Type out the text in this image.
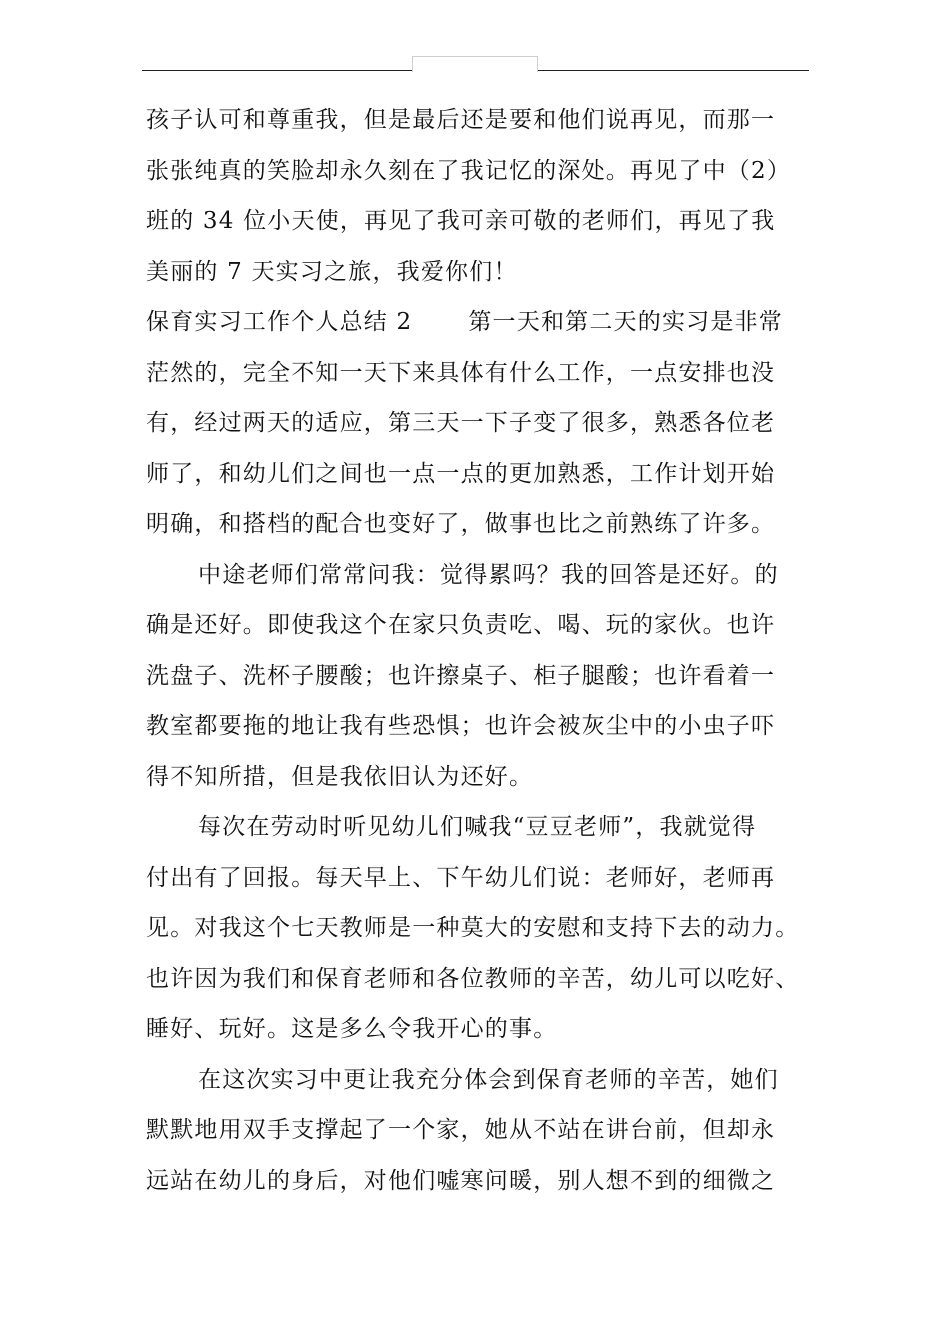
孩子认可和尊重我，但是最后还是要和他们说再见，而那一
张张纯真的笑脸却永久刻在了我记忆的深处。再见了中（2）
班的 34 位小天使，再见了我可亲可敬的老师们，再见了我
美丽的 7 天实习之旅，我爱你们！
保育实习工作个人总结 2 第一天和第二天的实习是非常
茫然的，完全不知一天下来具体有什么工作，一点安排也没
有，经过两天的适应，第三天一下子变了很多，熟悉各位老
师了，和幼儿们之间也一点一点的更加熟悉，工作计划开始
明确，和搭档的配合也变好了，做事也比之前熟练了许多。
中途老师们常常问我：觉得累吗？我的回答是还好。的
确是还好。即使我这个在家只负责吃、喝、玩的家伙。也许
洗盘子、洗杯子腰酸；也许擦桌子、柜子腿酸；也许看着一
教室都要拖的地让我有些恐惧；也许会被灰尘中的小虫子吓
得不知所措，但是我依旧认为还好。
每次在劳动时听见幼儿们喊我“豆豆老师”，我就觉得
付出有了回报。每天早上、下午幼儿们说：老师好，老师再
见。对我这个七天教师是一种莫大的安慰和支持下去的动力。
也许因为我们和保育老师和各位教师的辛苦，幼儿可以吃好、
睡好、玩好。这是多么令我开心的事。
在这次实习中更让我充分体会到保育老师的辛苦，她们
默默地用双手支撑起了一个家，她从不站在讲台前，但却永
远站在幼儿的身后，对他们嘘寒问暖，别人想不到的细微之
